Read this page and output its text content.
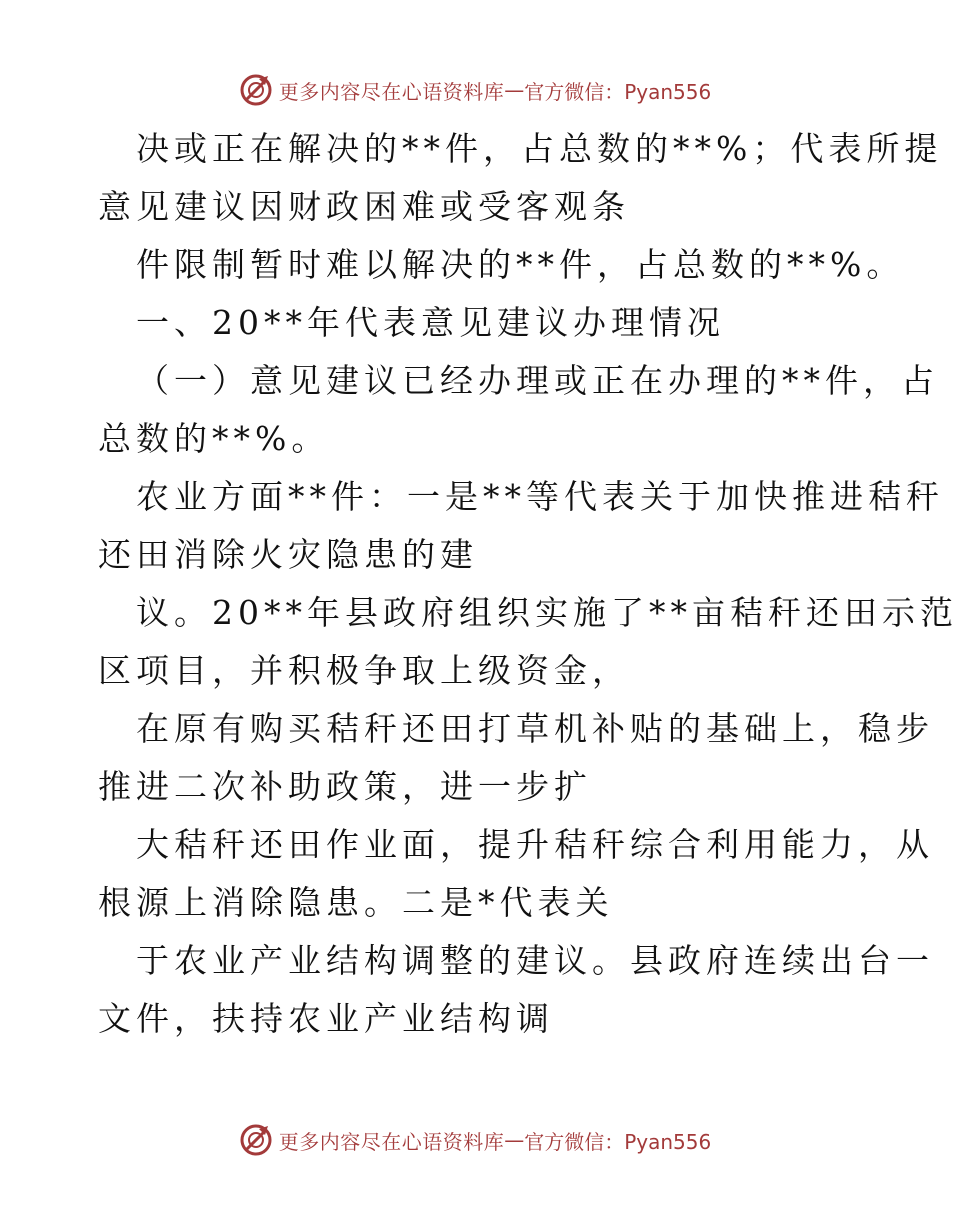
更多内容尽在心语资料库 — 官方微信：Pyan556
决或正在解决的**件，占总数的**%；代表所提
意见建议因财政困难或受客观条
件限制暂时难以解决的**件，占总数的**%。
一、20**年代表意见建议办理情况
（一）意见建议已经办理或正在办理的**件，占
总数的**%。
农业方面**件：一是**等代表关于加快推进秸秆
还田消除火灾隐患的建
议。20**年县政府组织实施了**亩秸秆还田示范
区项目，并积极争取上级资金，
在原有购买秸秆还田打草机补贴的基础上，稳步
推进二次补助政策，进一步扩
大秸秆还田作业面，提升秸秆综合利用能力，从
根源上消除隐患。二是*代表关
于农业产业结构调整的建议。县政府连续出台一
文件，扶持农业产业结构调
更多内容尽在心语资料库 — 官方微信：Pyan556
